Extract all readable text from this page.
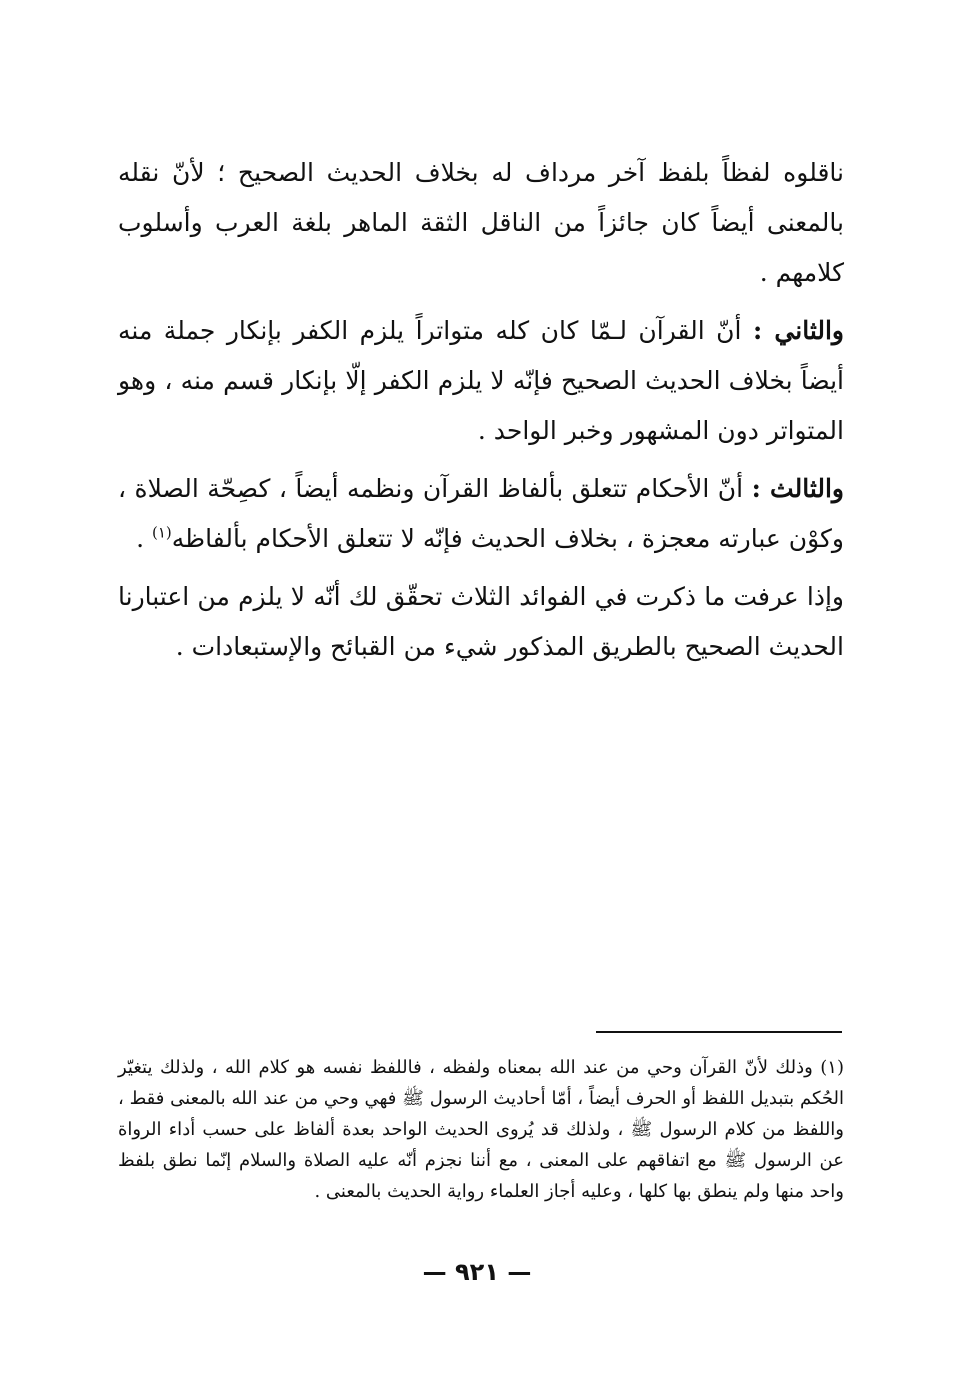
ناقلوه لفظاً بلفظ آخر مرداف له بخلاف الحديث الصحيح ؛ لأنّ نقله بالمعنى أيضاً كان جائزاً من الناقل الثقة الماهر بلغة العرب وأسلوب كلامهم .

والثاني : أنّ القرآن لـمّا كان كله متواتراً يلزم الكفر بإنكار جملة منه أيضاً بخلاف الحديث الصحيح فإنّه لا يلزم الكفر إلّا بإنكار قسم منه ، وهو المتواتر دون المشهور وخبر الواحد .

والثالث : أنّ الأحكام تتعلق بألفاظ القرآن ونظمه أيضاً ، كصِحّة الصلاة ، وكوْن عبارته معجزة ، بخلاف الحديث فإنّه لا تتعلق الأحكام بألفاظه$^{(١)}$ .

وإذا عرفت ما ذكرت في الفوائد الثلاث تحقّق لك أنّه لا يلزم من اعتبارنا الحديث الصحيح بالطريق المذكور شيء من القبائح والإستبعادات .

(١) وذلك لأنّ القرآن وحي من عند الله بمعناه ولفظه ، فاللفظ نفسه هو كلام الله ، ولذلك يتغيّر الحُكم بتبديل اللفظ أو الحرف أيضاً ، أمّا أحاديث الرسول ﷺ فهي وحي من عند الله بالمعنى فقط ، واللفظ من كلام الرسول ﷺ ، ولذلك قد يُروى الحديث الواحد بعدة ألفاظ على حسب أداء الرواة عن الرسول ﷺ مع اتفاقهم على المعنى ، مع أننا نجزم أنّه عليه الصلاة والسلام إنّما نطق بلفظ واحد منها ولم ينطق بها كلها ، وعليه أجاز العلماء رواية الحديث بالمعنى .

— ٩٢١ —
